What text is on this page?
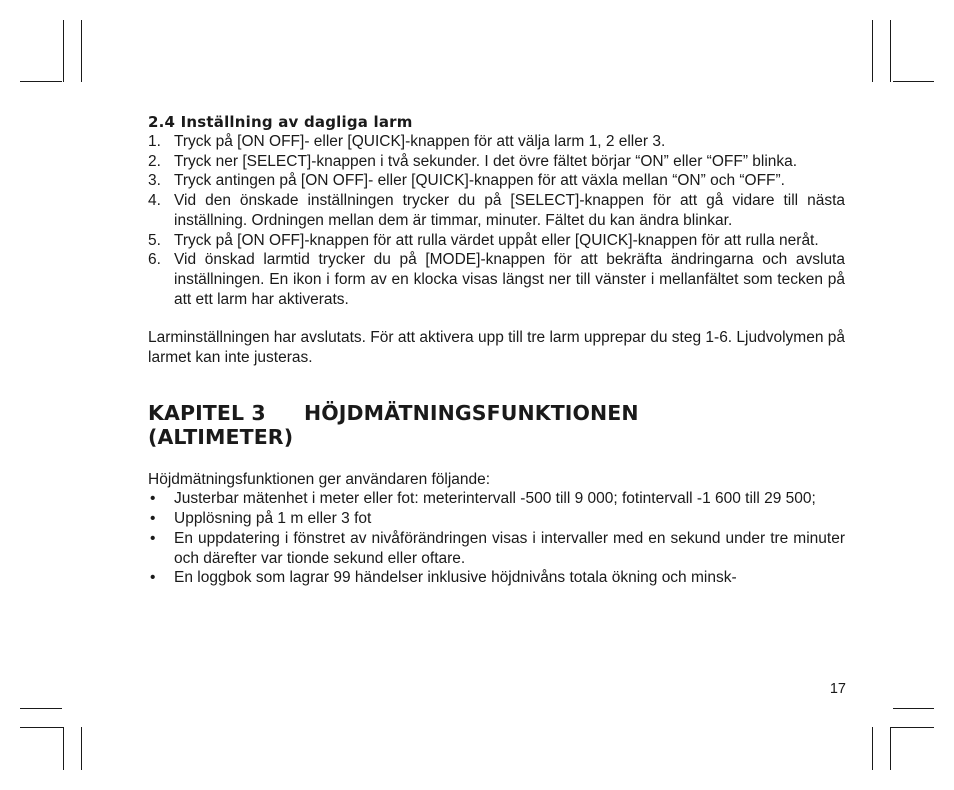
2.4 Inställning av dagliga larm
1. Tryck på [ON OFF]- eller [QUICK]-knappen för att välja larm 1, 2 eller 3.
2. Tryck ner [SELECT]-knappen i två sekunder. I det övre fältet börjar “ON” eller “OFF” blinka.
3. Tryck antingen på [ON OFF]- eller [QUICK]-knappen för att växla mellan “ON” och “OFF”.
4. Vid den önskade inställningen trycker du på [SELECT]-knappen för att gå vidare till nästa inställning. Ordningen mellan dem är timmar, minuter. Fältet du kan ändra blinkar.
5. Tryck på [ON OFF]-knappen för att rulla värdet uppåt eller [QUICK]-knappen för att rulla neråt.
6. Vid önskad larmtid trycker du på [MODE]-knappen för att bekräfta ändringarna och avsluta inställningen. En ikon i form av en klocka visas längst ner till vänster i mellanfältet som tecken på att ett larm har aktiverats.

Larminställningen har avslutats. För att aktivera upp till tre larm upprepar du steg 1-6. Ljudvolymen på larmet kan inte justeras.

KAPITEL 3 HÖJDMÄTNINGSFUNKTIONEN
(ALTIMETER)

Höjdmätningsfunktionen ger användaren följande:

• Justerbar mätenhet i meter eller fot: meterintervall -500 till 9 000; fotintervall -1 600 till 29 500;
• Upplösning på 1 m eller 3 fot
• En uppdatering i fönstret av nivåförändringen visas i intervaller med en sekund under tre minuter och därefter var tionde sekund eller oftare.
• En loggbok som lagrar 99 händelser inklusive höjdnivåns totala ökning och minsk-
17
